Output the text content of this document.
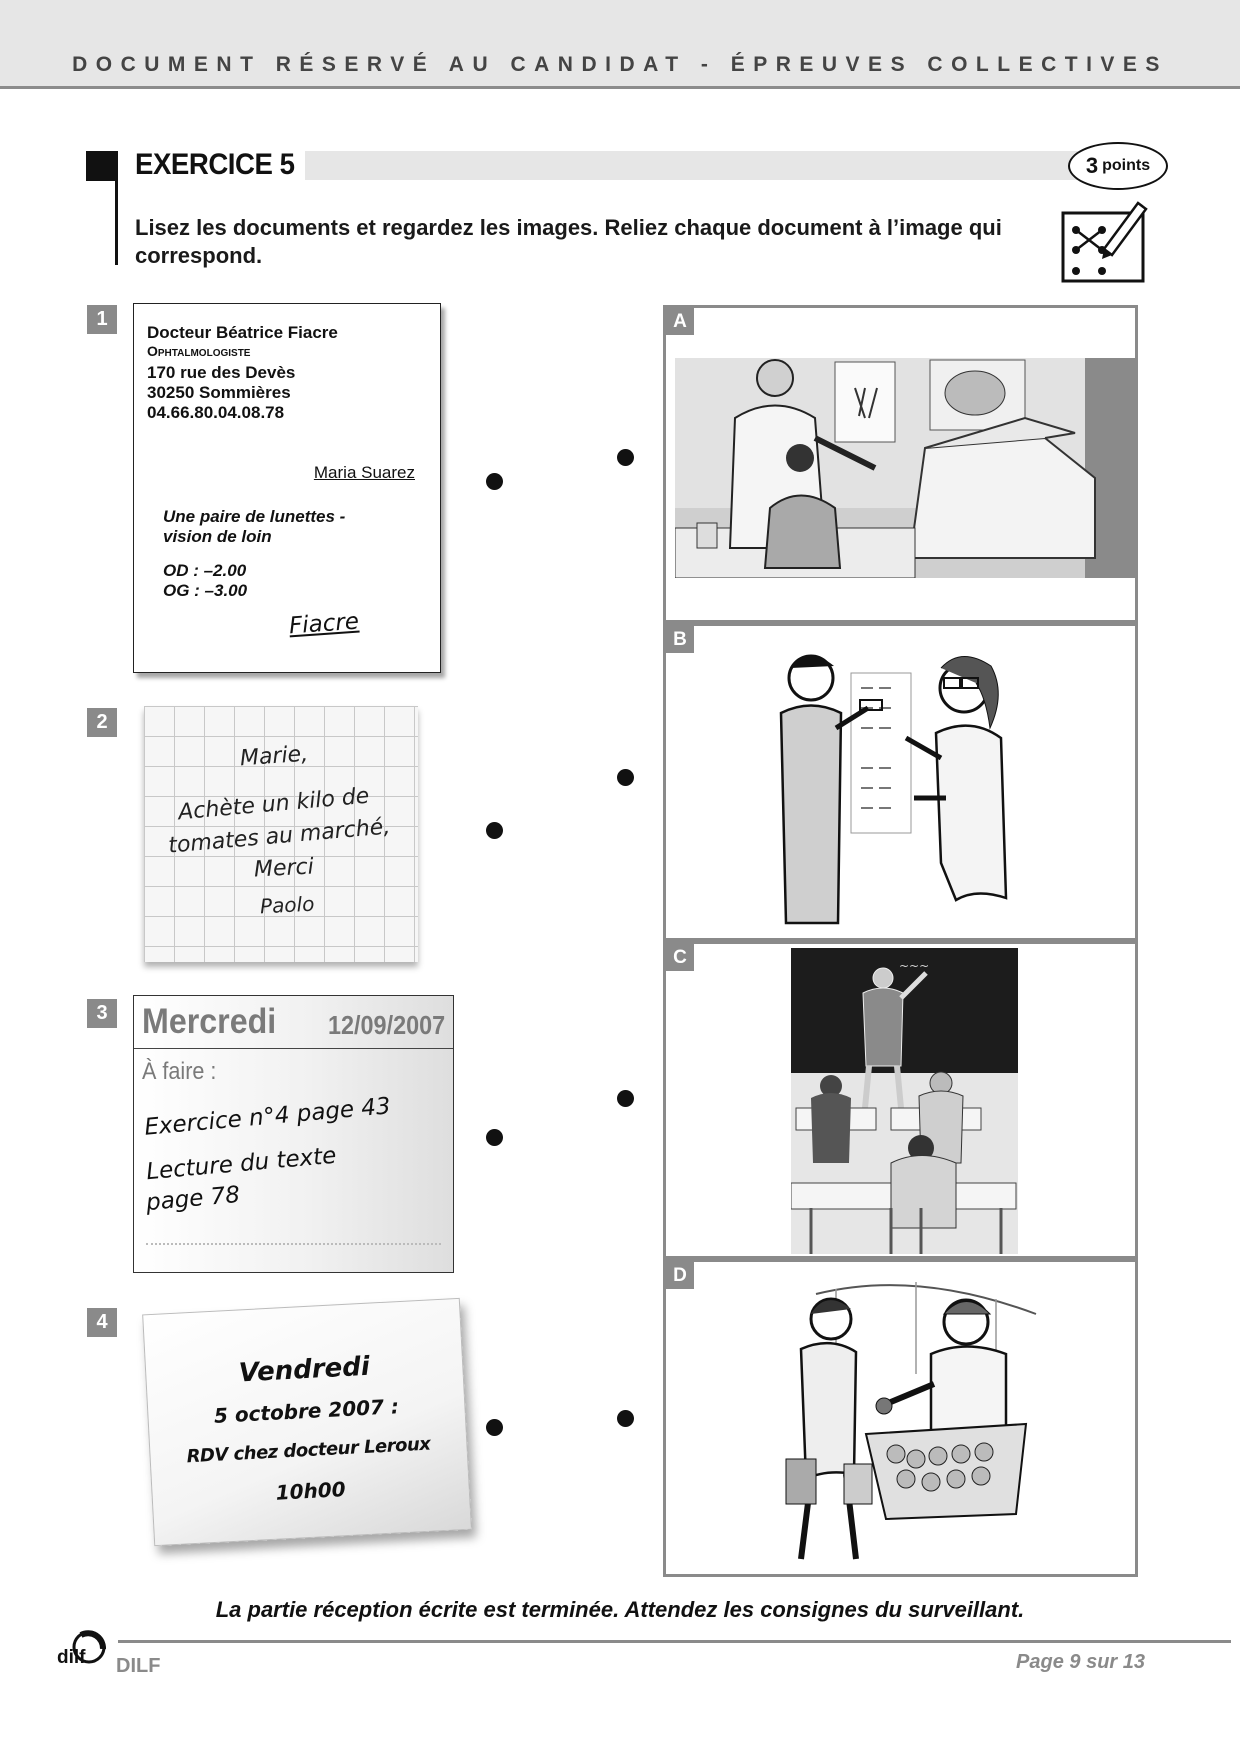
DOCUMENT RÉSERVÉ AU CANDIDAT - ÉPREUVES COLLECTIVES
EXERCICE 5	3 points
Lisez les documents et regardez les images. Reliez chaque document à l’image qui correspond.
1
2
3
4
Docteur Béatrice Fiacre
Ophtalmologiste
170 rue des Devès
30250 Sommières
04.66.80.04.08.78
Maria Suarez
Une paire de lunettes -
vision de loin
OD : –2.00
OG : –3.00
Fiacre
Marie,
Achète un kilo de
tomates au marché,
Merci
Paolo
Mercredi 12/09/2007
À faire :
Exercice n°4 page 43
Lecture du texte
page 78
Vendredi
5 octobre 2007 :
RDV chez docteur Leroux
10h00
A
B
C	~~~
D
La partie réception écrite est terminée. Attendez les consignes du surveillant.
dilf DILF	Page 9 sur 13
